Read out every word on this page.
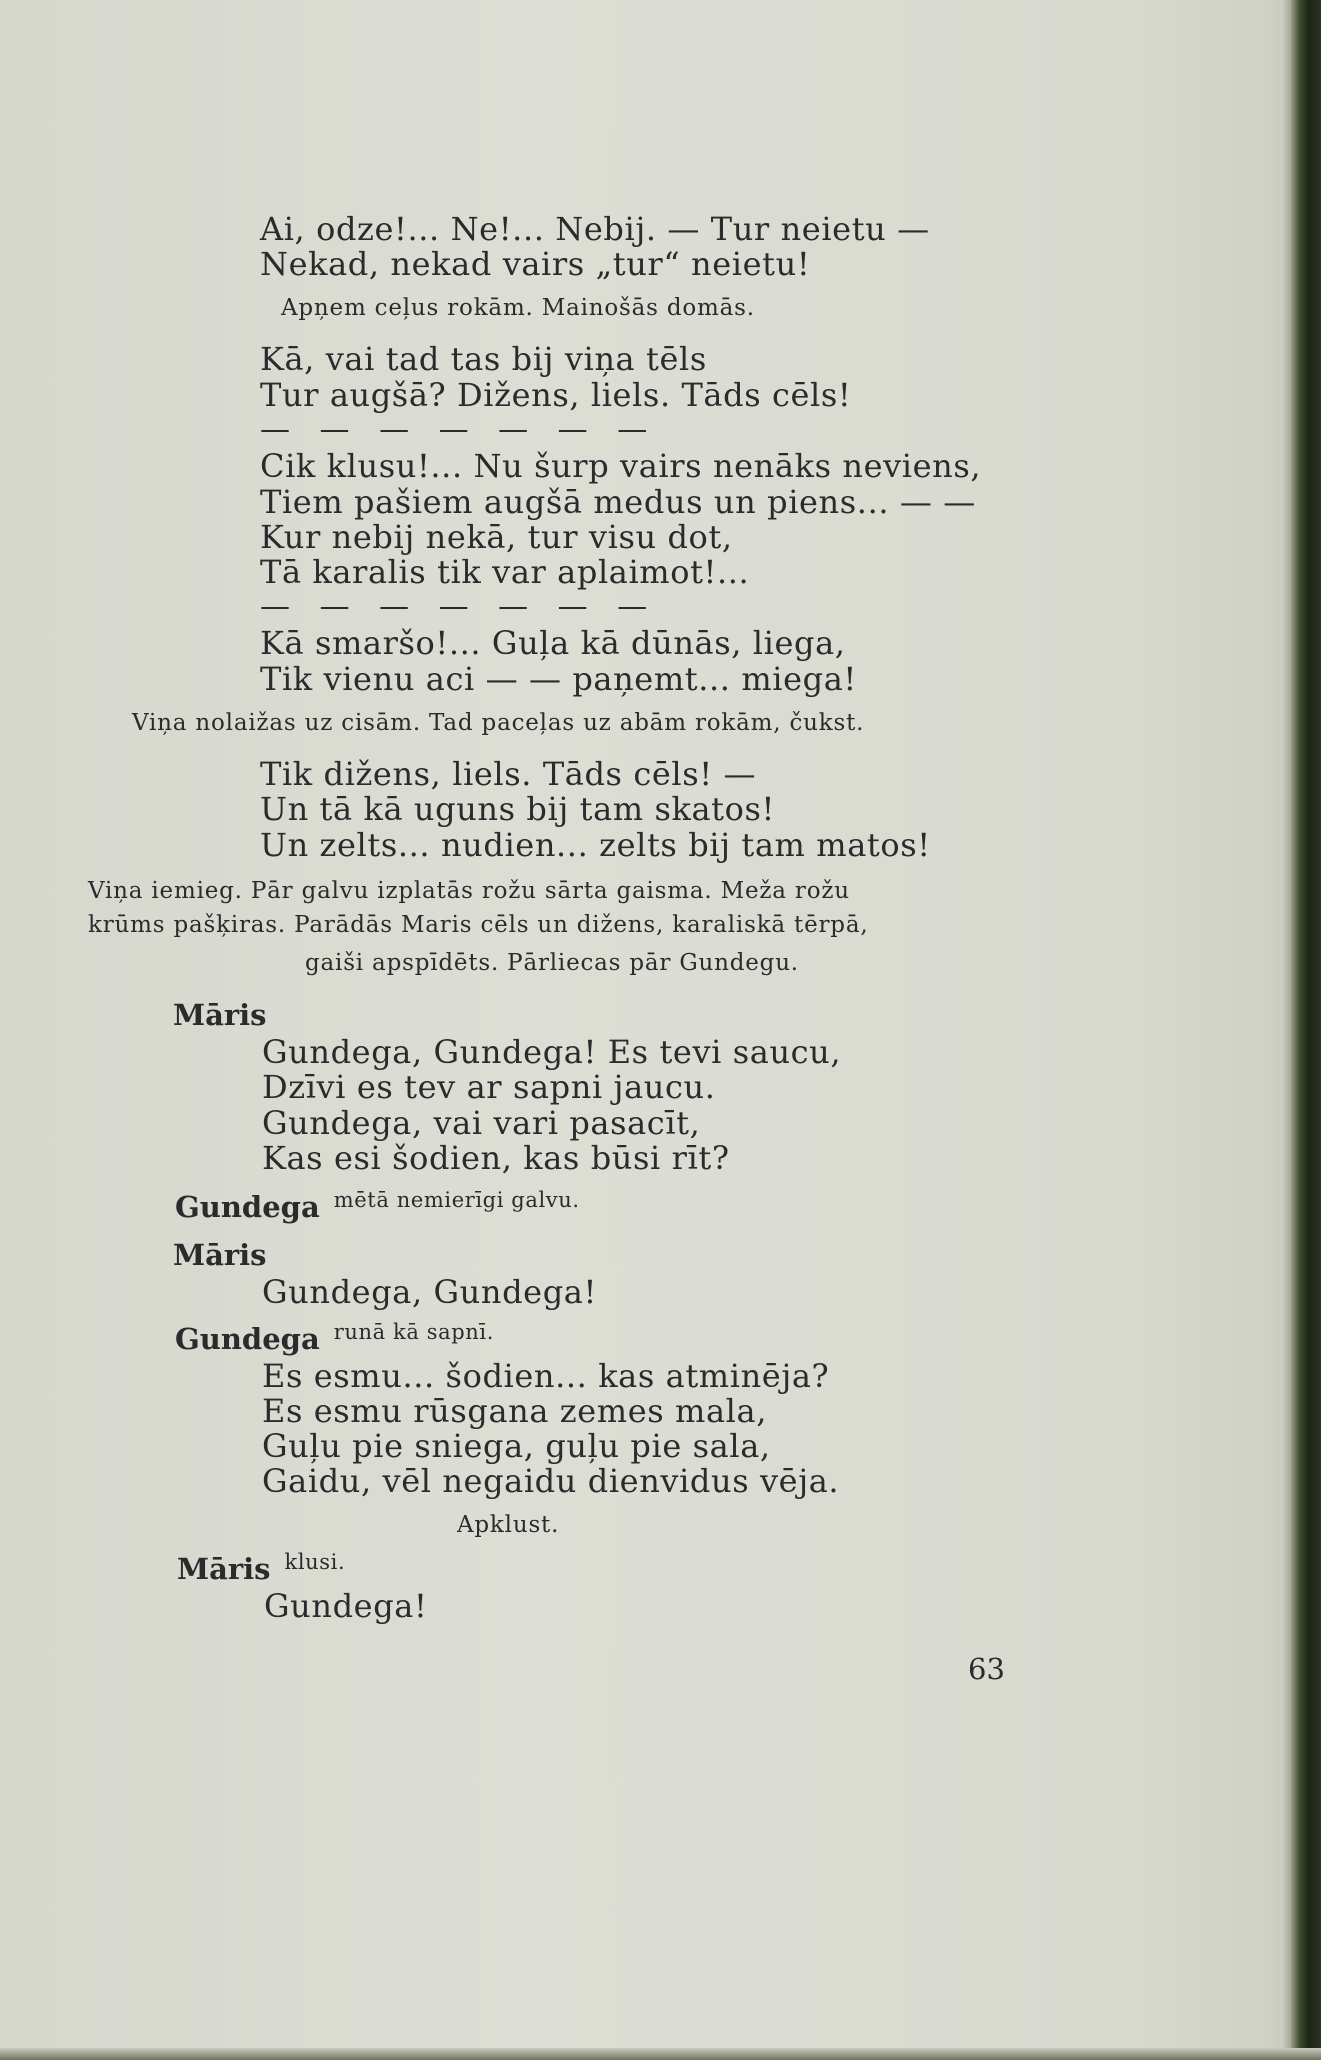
Ai, odze!... Ne!... Nebij. — Tur neietu —
Nekad, nekad vairs „tur“ neietu!
Apņem ceļus rokām. Mainošās domās.
Kā, vai tad tas bij viņa tēls
Tur augšā? Dižens, liels. Tāds cēls!
— — — — — — —
Cik klusu!... Nu šurp vairs nenāks neviens,
Tiem pašiem augšā medus un piens... — —
Kur nebij nekā, tur visu dot,
Tā karalis tik var aplaimot!...
— — — — — — —
Kā smaršo!... Guļa kā dūnās, liega,
Tik vienu aci — — paņemt... miega!
Viņa nolaižas uz cisām. Tad paceļas uz abām rokām, čukst.
Tik dižens, liels. Tāds cēls! —
Un tā kā uguns bij tam skatos!
Un zelts... nudien... zelts bij tam matos!
Viņa iemieg. Pār galvu izplatās rožu sārta gaisma. Meža rožu
krūms pašķiras. Parādās Maris cēls un dižens, karaliskā tērpā,
gaiši apspīdēts. Pārliecas pār Gundegu.
Māris
Gundega, Gundega! Es tevi saucu,
Dzīvi es tev ar sapni jaucu.
Gundega, vai vari pasacīt,
Kas esi šodien, kas būsi rīt?
Gundega $^{mētā nemierīgi galvu.}$
Māris
Gundega, Gundega!
Gundega $^{runā kā sapnī.}$
Es esmu... šodien... kas atminēja?
Es esmu rūsgana zemes mala,
Guļu pie sniega, guļu pie sala,
Gaidu, vēl negaidu dienvidus vēja.
Apklust.
Māris $^{klusi.}$
Gundega!
63
